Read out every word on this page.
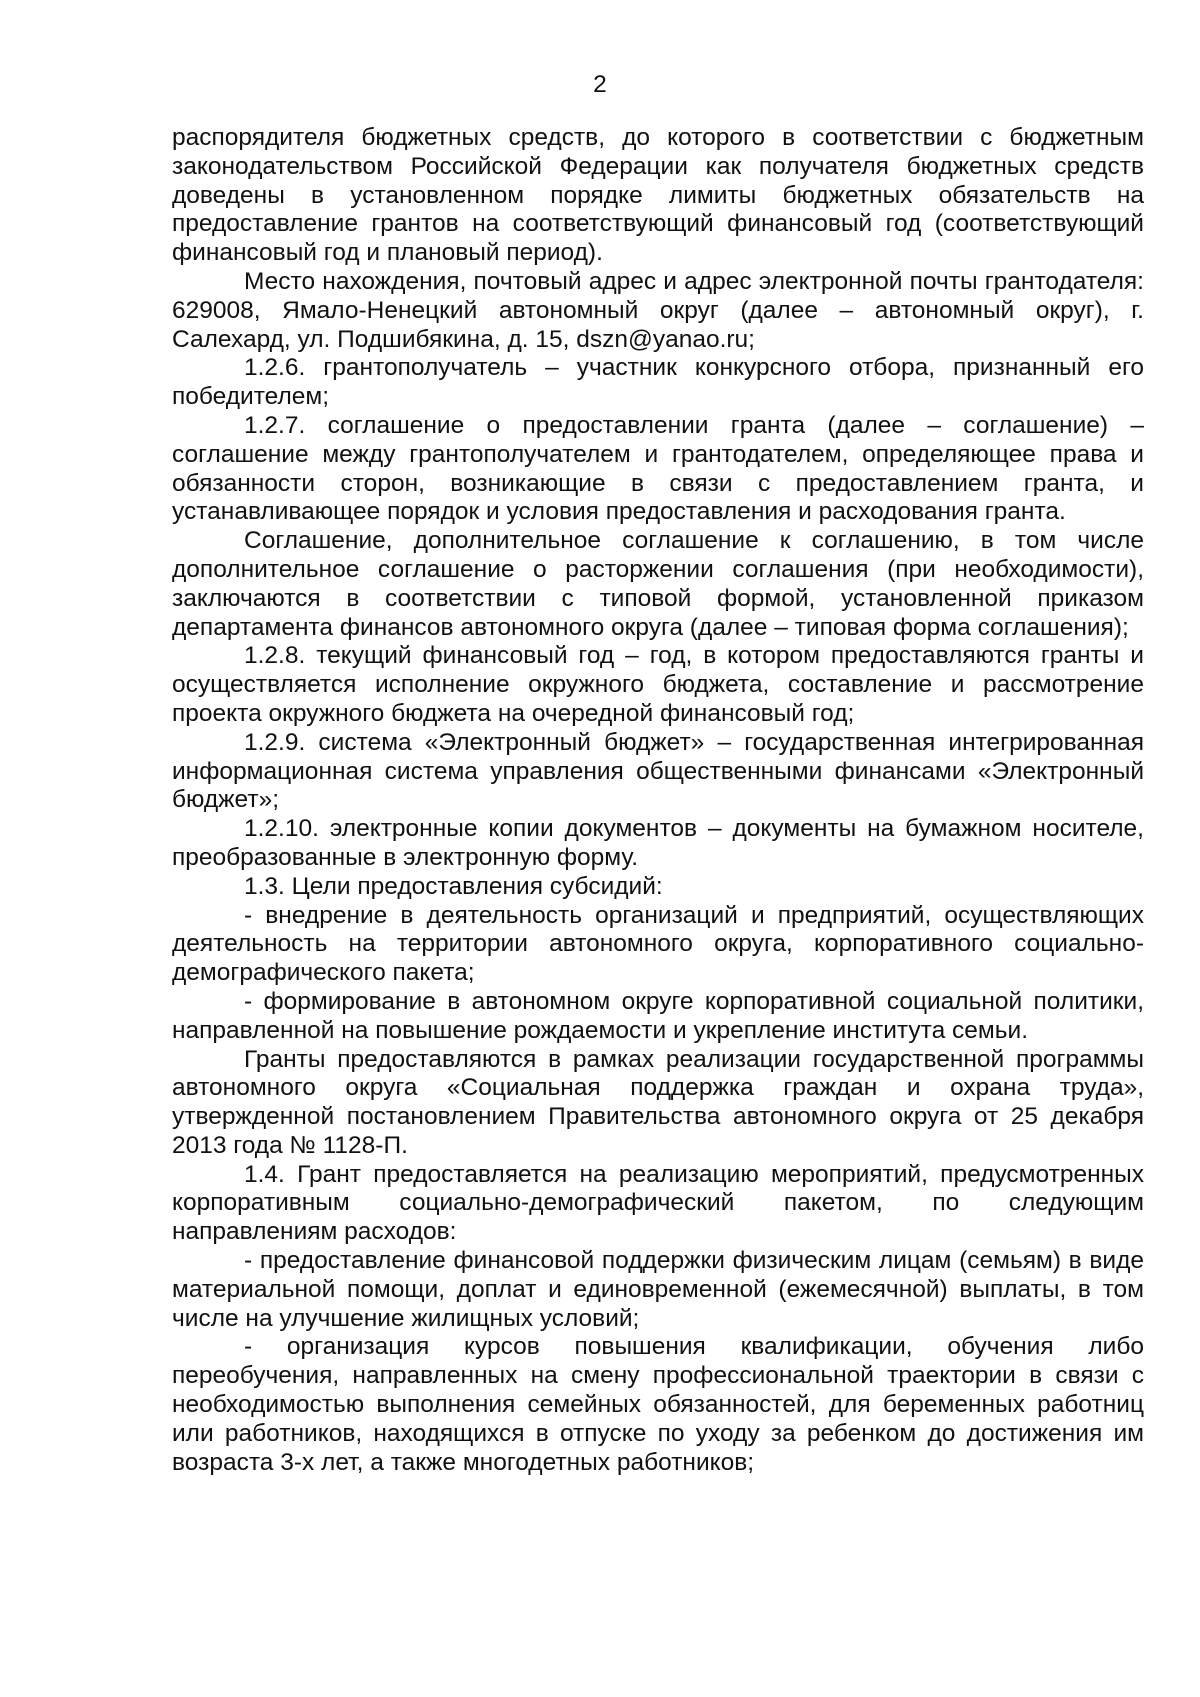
2

распорядителя бюджетных средств, до которого в соответствии с бюджетным законодательством Российской Федерации как получателя бюджетных средств доведены в установленном порядке лимиты бюджетных обязательств на предоставление грантов на соответствующий финансовый год (соответствующий финансовый год и плановый период).

Место нахождения, почтовый адрес и адрес электронной почты грантодателя: 629008, Ямало-Ненецкий автономный округ (далее – автономный округ), г. Салехард, ул. Подшибякина, д. 15, dszn@yanao.ru;

1.2.6. грантополучатель – участник конкурсного отбора, признанный его победителем;

1.2.7. соглашение о предоставлении гранта (далее – соглашение) – соглашение между грантополучателем и грантодателем, определяющее права и обязанности сторон, возникающие в связи с предоставлением гранта, и устанавливающее порядок и условия предоставления и расходования гранта.

Соглашение, дополнительное соглашение к соглашению, в том числе дополнительное соглашение о расторжении соглашения (при необходимости), заключаются в соответствии с типовой формой, установленной приказом департамента финансов автономного округа (далее – типовая форма соглашения);

1.2.8. текущий финансовый год – год, в котором предоставляются гранты и осуществляется исполнение окружного бюджета, составление и рассмотрение проекта окружного бюджета на очередной финансовый год;

1.2.9. система «Электронный бюджет» – государственная интегрированная информационная система управления общественными финансами «Электронный бюджет»;

1.2.10. электронные копии документов – документы на бумажном носителе, преобразованные в электронную форму.

1.3. Цели предоставления субсидий:

- внедрение в деятельность организаций и предприятий, осуществляющих деятельность на территории автономного округа, корпоративного социально-демографического пакета;

- формирование в автономном округе корпоративной социальной политики, направленной на повышение рождаемости и укрепление института семьи.

Гранты предоставляются в рамках реализации государственной программы автономного округа «Социальная поддержка граждан и охрана труда», утвержденной постановлением Правительства автономного округа от 25 декабря 2013 года № 1128-П.

1.4. Грант предоставляется на реализацию мероприятий, предусмотренных корпоративным социально-демографический пакетом, по следующим направлениям расходов:

- предоставление финансовой поддержки физическим лицам (семьям) в виде материальной помощи, доплат и единовременной (ежемесячной) выплаты, в том числе на улучшение жилищных условий;

- организация курсов повышения квалификации, обучения либо переобучения, направленных на смену профессиональной траектории в связи с необходимостью выполнения семейных обязанностей, для беременных работниц или работников, находящихся в отпуске по уходу за ребенком до достижения им возраста 3-х лет, а также многодетных работников;
